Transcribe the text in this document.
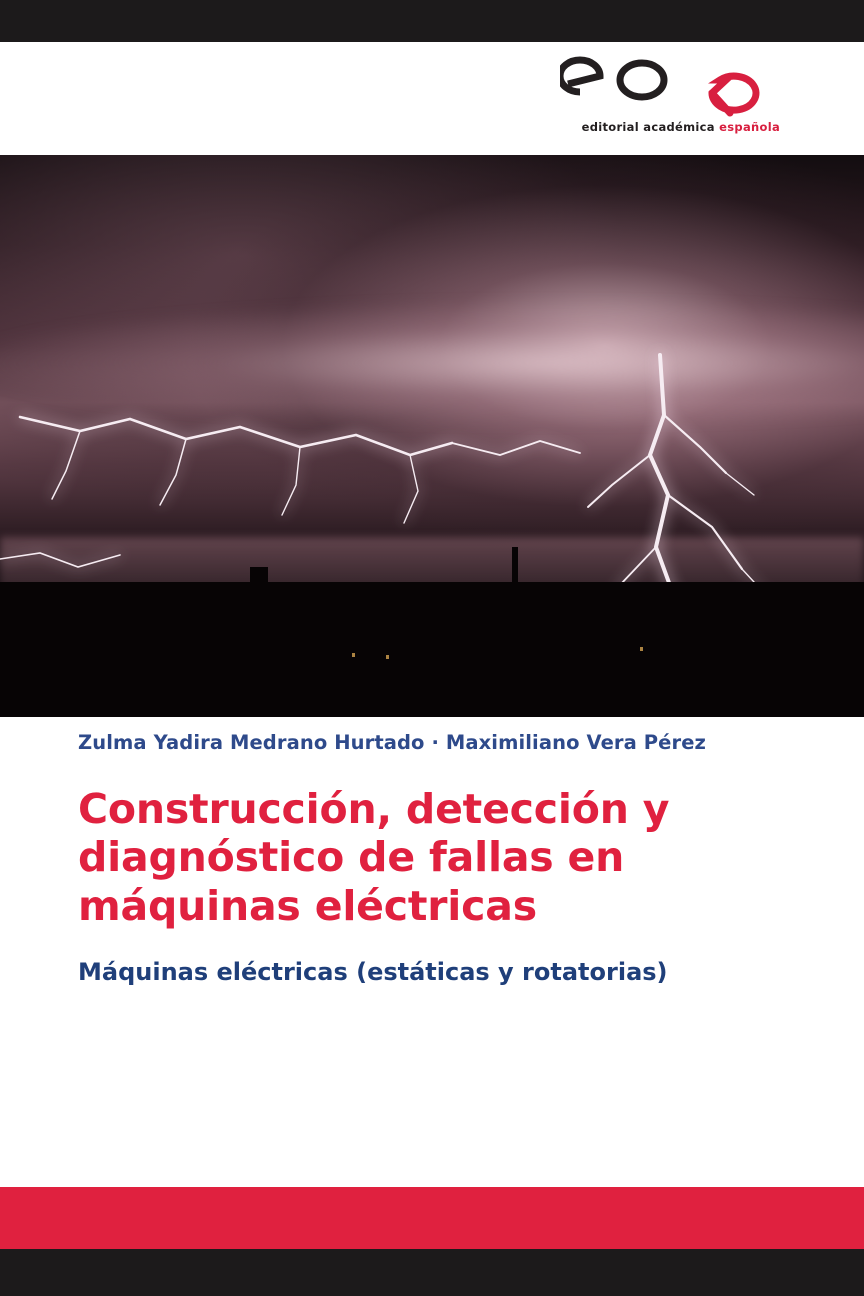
editorial académica española
Zulma Yadira Medrano Hurtado · Maximiliano Vera Pérez
Construcción, detección y diagnóstico de fallas en máquinas eléctricas
Máquinas eléctricas (estáticas y rotatorias)
